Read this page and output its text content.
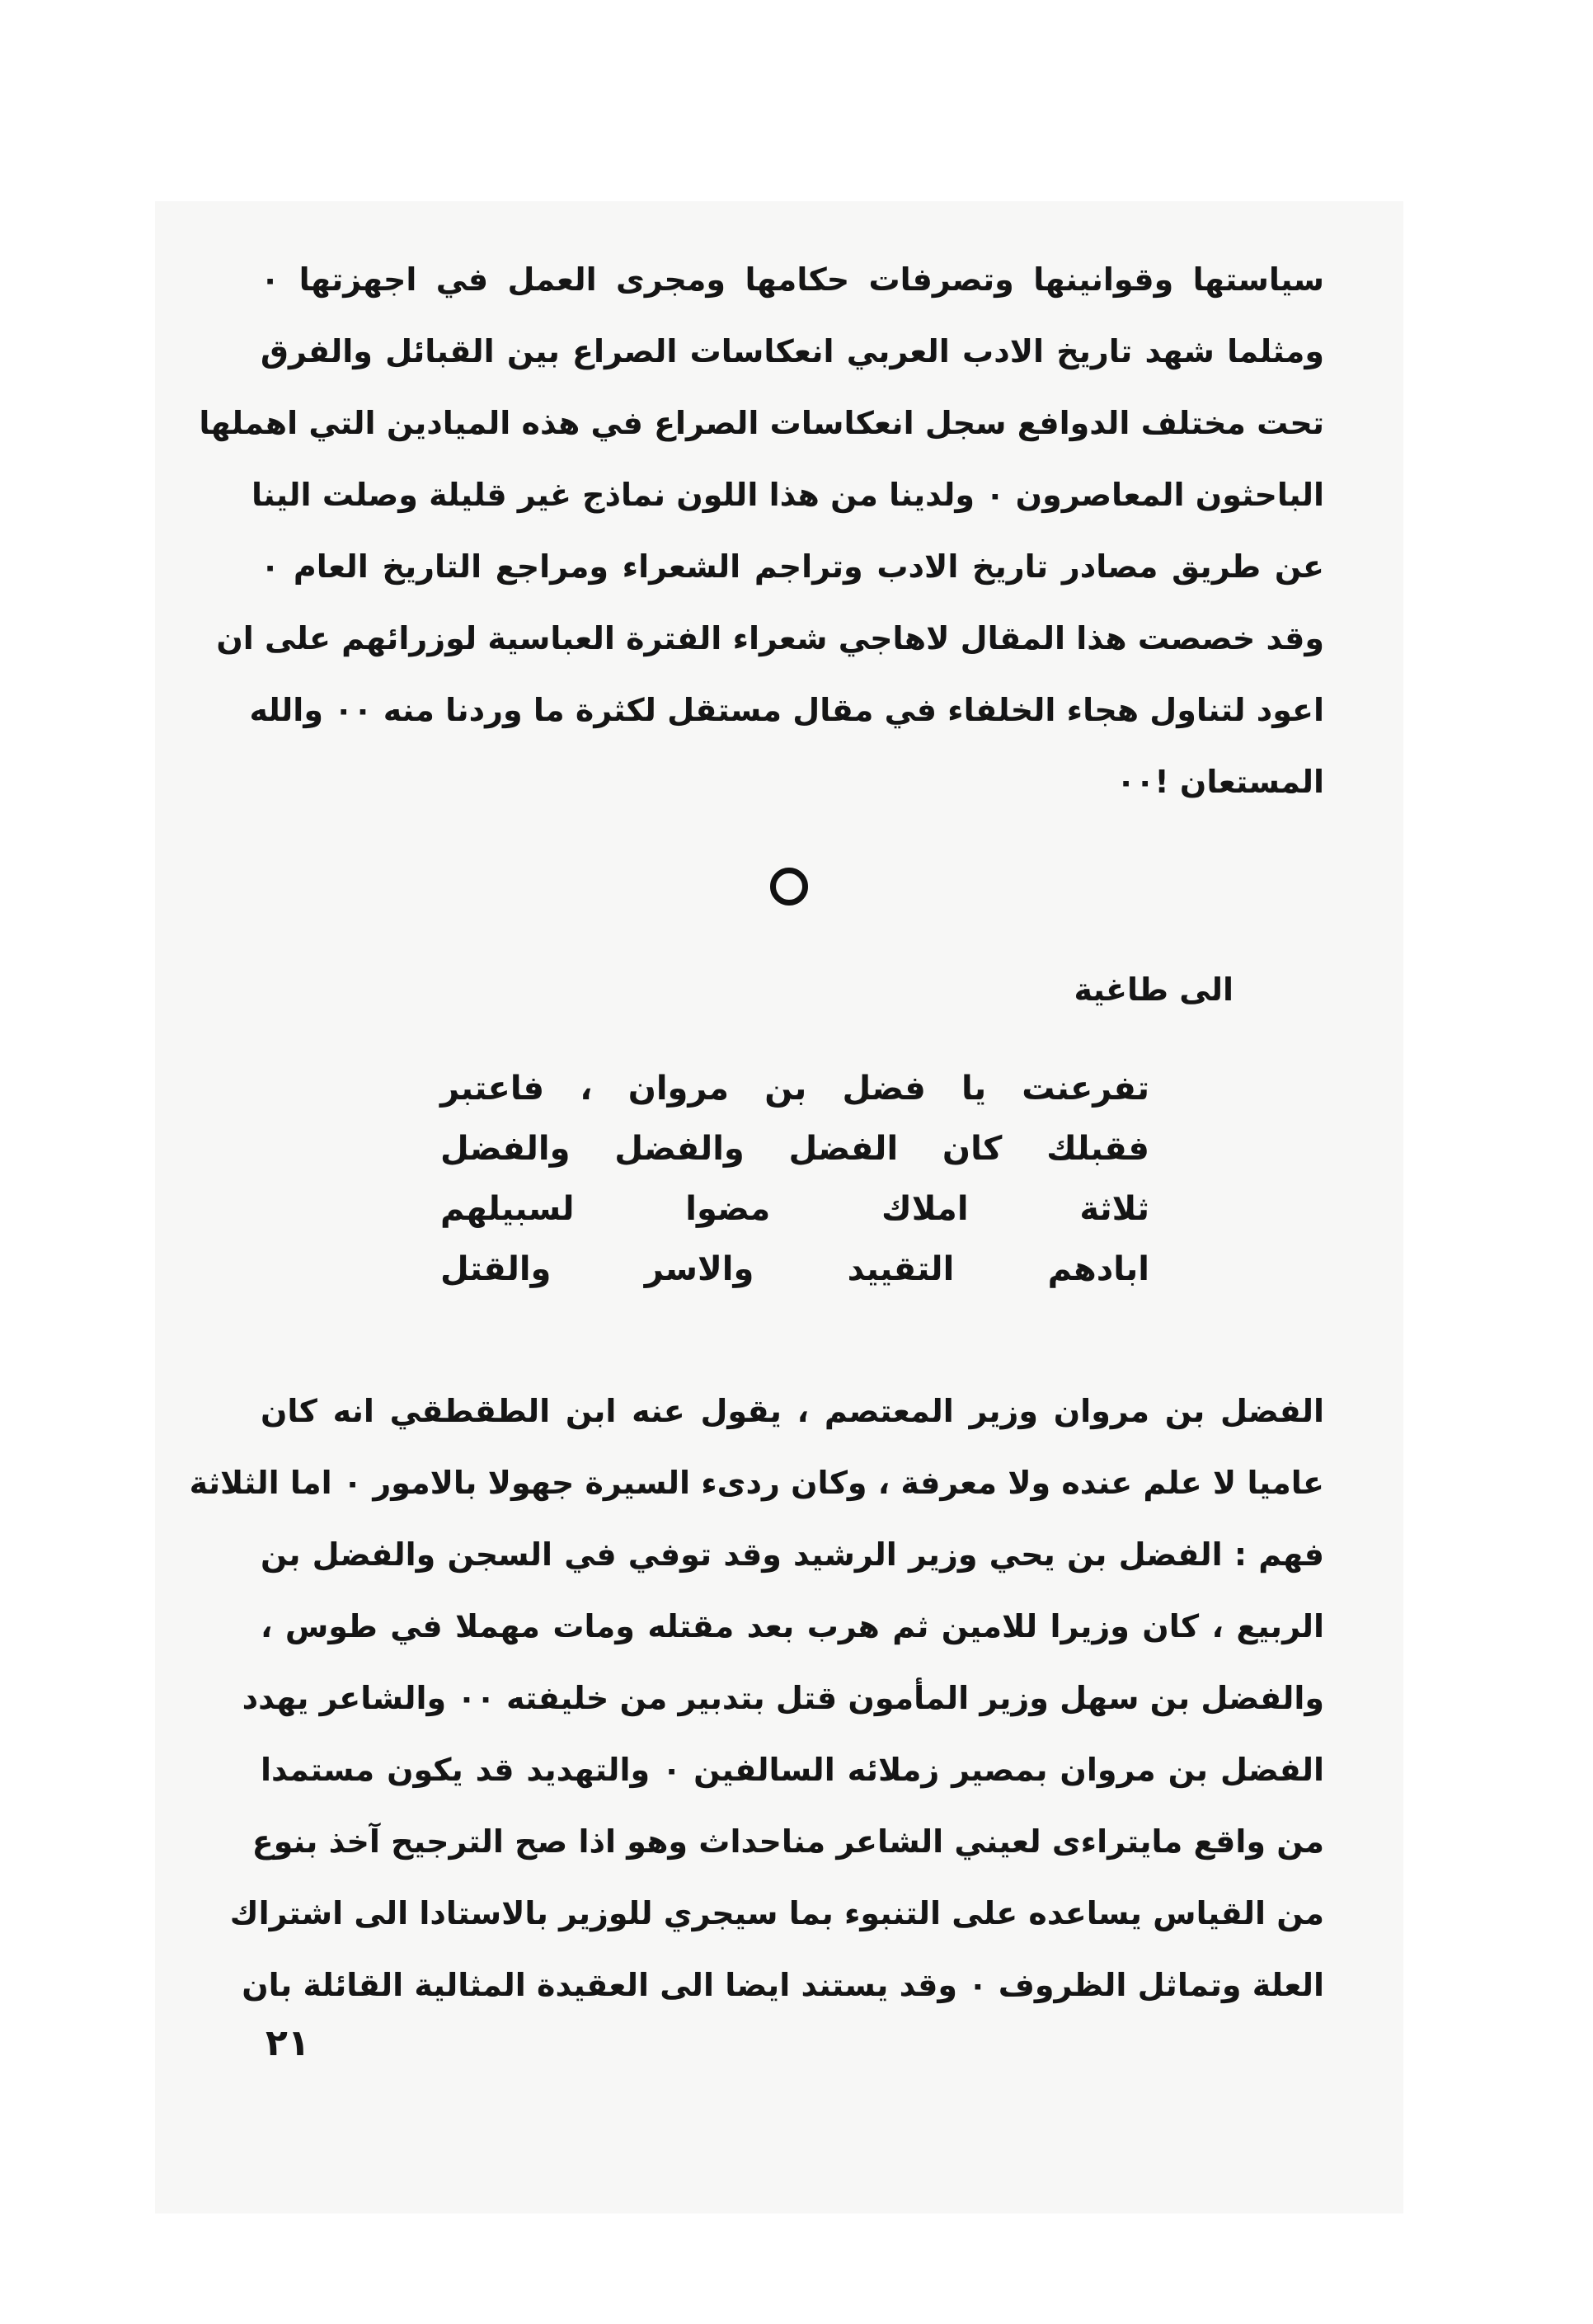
سياستها وقوانينها وتصرفات حكامها ومجرى العمل في اجهزتها ٠
ومثلما شهد تاريخ الادب العربي انعكاسات الصراع بين القبائل والفرق
تحت مختلف الدوافع سجل انعكاسات الصراع في هذه الميادين التي اهملها
الباحثون المعاصرون ٠ ولدينا من هذا اللون نماذج غير قليلة وصلت الينا
عن طريق مصادر تاريخ الادب وتراجم الشعراء ومراجع التاريخ العام ٠
وقد خصصت هذا المقال لاهاجي شعراء الفترة العباسية لوزرائهم على ان
اعود لتناول هجاء الخلفاء في مقال مستقل لكثرة ما وردنا منه ٠٠ والله
المستعان !٠٠
الى طاغية
تفرعنت يا فضل بن مروان ، فاعتبر
فقبلك كان الفضل والفضل والفضل
ثلاثة املاك مضوا لسبيلهم
ابادهم التقييد والاسر والقتل
الفضل بن مروان وزير المعتصم ، يقول عنه ابن الطقطقي انه كان
عاميا لا علم عنده ولا معرفة ، وكان ردىء السيرة جهولا بالامور ٠ اما الثلاثة
فهم : الفضل بن يحي وزير الرشيد وقد توفي في السجن والفضل بن
الربيع ، كان وزيرا للامين ثم هرب بعد مقتله ومات مهملا في طوس ،
والفضل بن سهل وزير المأمون قتل بتدبير من خليفته ٠٠ والشاعر يهدد
الفضل بن مروان بمصير زملائه السالفين ٠ والتهديد قد يكون مستمدا
من واقع مايتراءى لعيني الشاعر مناحداث وهو اذا صح الترجيح آخذ بنوع
من القياس يساعده على التنبوء بما سيجري للوزير بالاستادا الى اشتراك
العلة وتماثل الظروف ٠ وقد يستند ايضا الى العقيدة المثالية القائلة بان
٢١
